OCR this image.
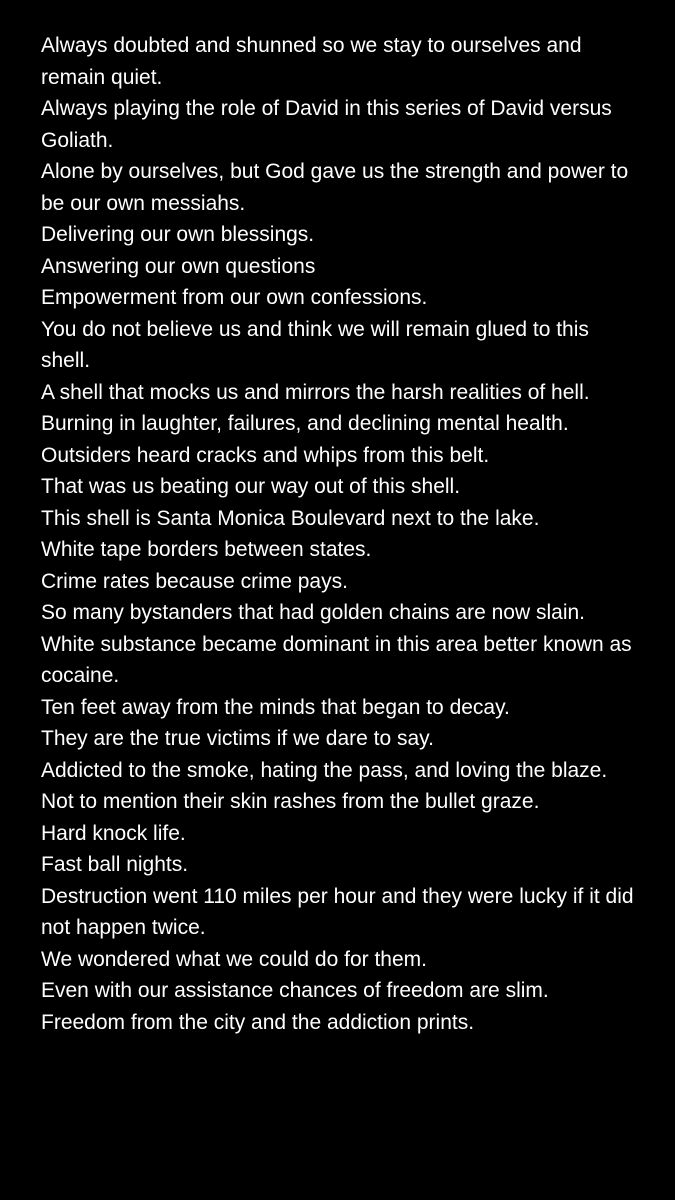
Always doubted and shunned so we stay to ourselves and remain quiet.
Always playing the role of David in this series of David versus Goliath.
Alone by ourselves, but God gave us the strength and power to be our own messiahs.
Delivering our own blessings.
Answering our own questions
Empowerment from our own confessions.
You do not believe us and think we will remain glued to this shell.
A shell that mocks us and mirrors the harsh realities of hell.
Burning in laughter, failures, and declining mental health.
Outsiders heard cracks and whips from this belt.
That was us beating our way out of this shell.
This shell is Santa Monica Boulevard next to the lake.
White tape borders between states.
Crime rates because crime pays.
So many bystanders that had golden chains are now slain.
White substance became dominant in this area better known as cocaine.
Ten feet away from the minds that began to decay.
They are the true victims if we dare to say.
Addicted to the smoke, hating the pass, and loving the blaze.
Not to mention their skin rashes from the bullet graze.
Hard knock life.
Fast ball nights.
Destruction went 110 miles per hour and they were lucky if it did not happen twice.
We wondered what we could do for them.
Even with our assistance chances of freedom are slim.
Freedom from the city and the addiction prints.
